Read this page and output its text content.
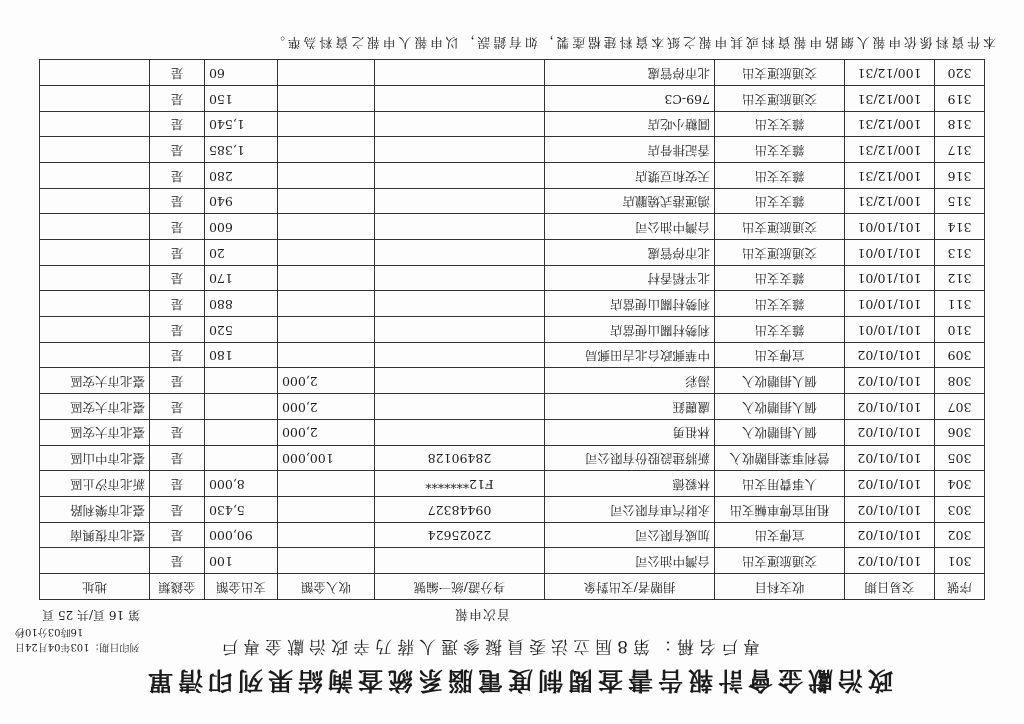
政治獻金會計報告書查閱制度電腦系統查詢結果列印清單
專戶名稱：第8屆立法委員擬參選人蔣乃辛政治獻金專戶
列印日期：103年04月24日
16時03分10秒
首次申報
第 16 頁/共 25 頁
序號	交易日期	收支科目	捐贈者/支出對象	身分證/統一編號	收入金額	支出金額	金錢類	地址
301	101/01/02	交通旅運支出	台灣中油公司			100	是	
302	101/01/02	宣傳支出	加威有限公司	22025624		90,000	是	臺北市復興南
303	101/01/02	租用宣傳車輛支出	永財汽車有限公司	09448327		5,430	是	臺北市樂利路
304	101/01/02	人事費用支出	林毅德	F12*******		8,000	是	新北市汐止區
305	101/01/02	營利事業捐贈收入	新將建設股份有限公司	28490128	100,000		是	臺北市中山區
306	101/01/02	個人捐贈收入	林祖勇		2,000		是	臺北市大安區
307	101/01/02	個人捐贈收入	盧麗鈺		2,000		是	臺北市大安區
308	101/01/02	個人捐贈收入	湯彩		2,000		是	臺北市大安區
309	101/01/02	宣傳支出	中華郵政台北吉田郵局			180	是	
310	101/10/01	雜支支出	利勢村關山便當店			520	是	
311	101/10/01	雜支支出	利勢村關山便當店			880	是	
312	101/10/01	雜支支出	北平稻香村			170	是	
313	101/10/01	交通旅運支出	北市停管處			20	是	
314	101/10/01	交通旅運支出	台灣中油公司			600	是	
315	100/12/31	雜支支出	鴻運港式燒臘店			940	是	
316	100/12/31	雜支支出	天安和豆漿店			280	是	
317	100/12/31	雜支支出	香記排骨店			1,385	是	
318	100/12/31	雜支支出	圓糖小吃店			1,540	是	
319	100/12/31	交通旅運支出	769-C3			150	是	
320	100/12/31	交通旅運支出	北市停管處			60	是	
本件資料係依申報人網路申報資料或其申報之紙本資料建檔產製，如有錯誤，以申報人申報之資料為準。
